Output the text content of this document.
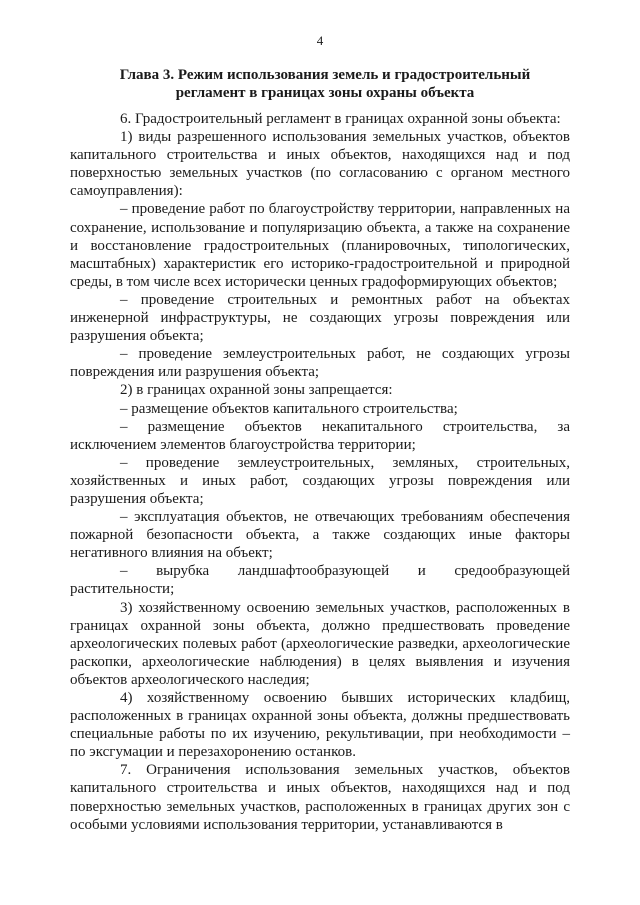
4
Глава 3. Режим использования земель и градостроительный
регламент в границах зоны охраны объекта

6. Градостроительный регламент в границах охранной зоны объекта:

1) виды разрешенного использования земельных участков, объектов капитального строительства и иных объектов, находящихся над и под поверхностью земельных участков (по согласованию с органом местного самоуправления):

– проведение работ по благоустройству территории, направленных на сохранение, использование и популяризацию объекта, а также на сохранение и восстановление градостроительных (планировочных, типологических, масштабных) характеристик его историко-градостроительной и природной среды, в том числе всех исторически ценных градоформирующих объектов;

– проведение строительных и ремонтных работ на объектах инженерной инфраструктуры, не создающих угрозы повреждения или разрушения объекта;

– проведение землеустроительных работ, не создающих угрозы повреждения или разрушения объекта;

2) в границах охранной зоны запрещается:

– размещение объектов капитального строительства;

– размещение объектов некапитального строительства, за исключением элементов благоустройства территории;

– проведение землеустроительных, земляных, строительных, хозяйственных и иных работ, создающих угрозы повреждения или разрушения объекта;

– эксплуатация объектов, не отвечающих требованиям обеспечения пожарной безопасности объекта, а также создающих иные факторы негативного влияния на объект;

– вырубка ландшафтообразующей и средообразующей растительности;

3) хозяйственному освоению земельных участков, расположенных в границах охранной зоны объекта, должно предшествовать проведение археологических полевых работ (археологические разведки, археологические раскопки, археологические наблюдения) в целях выявления и изучения объектов археологического наследия;

4) хозяйственному освоению бывших исторических кладбищ, расположенных в границах охранной зоны объекта, должны предшествовать специальные работы по их изучению, рекультивации, при необходимости – по эксгумации и перезахоронению останков.

7. Ограничения использования земельных участков, объектов капитального строительства и иных объектов, находящихся над и под поверхностью земельных участков, расположенных в границах других зон с особыми условиями использования территории, устанавливаются в
